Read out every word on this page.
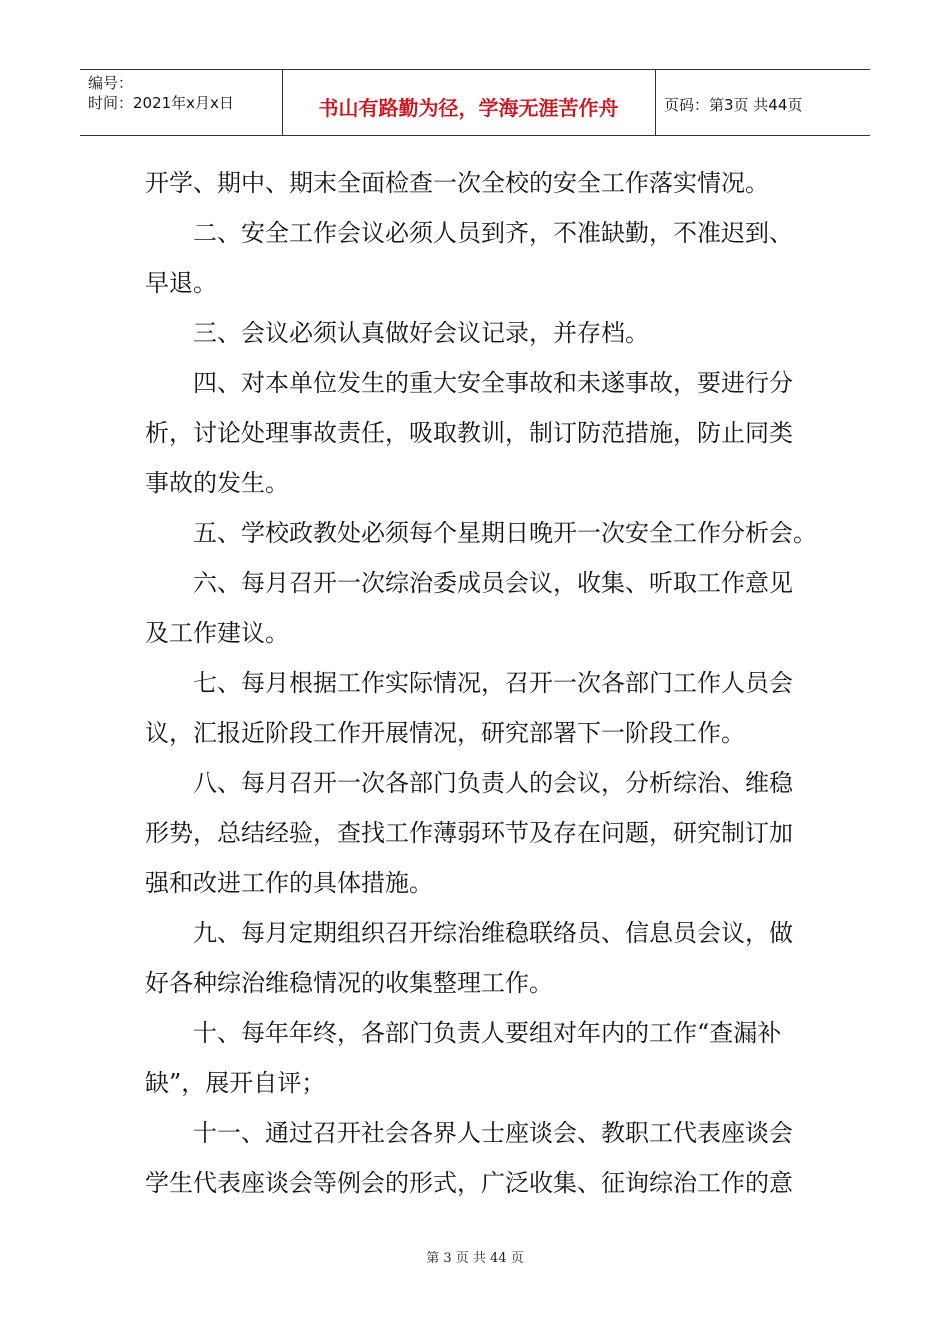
编号：
时间：2021年x月x日	书山有路勤为径，学海无涯苦作舟	页码：第3页 共44页

开学、期中、期末全面检查一次全校的安全工作落实情况。

二、安全工作会议必须人员到齐，不准缺勤，不准迟到、

早退。

三、会议必须认真做好会议记录，并存档。

四、对本单位发生的重大安全事故和未遂事故，要进行分

析，讨论处理事故责任，吸取教训，制订防范措施，防止同类

事故的发生。

五、学校政教处必须每个星期日晚开一次安全工作分析会。

六、每月召开一次综治委成员会议，收集、听取工作意见

及工作建议。

七、每月根据工作实际情况，召开一次各部门工作人员会

议，汇报近阶段工作开展情况，研究部署下一阶段工作。

八、每月召开一次各部门负责人的会议，分析综治、维稳

形势，总结经验，查找工作薄弱环节及存在问题，研究制订加

强和改进工作的具体措施。

九、每月定期组织召开综治维稳联络员、信息员会议，做

好各种综治维稳情况的收集整理工作。

十、每年年终，各部门负责人要组对年内的工作“查漏补

缺”，展开自评；

十一、通过召开社会各界人士座谈会、教职工代表座谈会

学生代表座谈会等例会的形式，广泛收集、征询综治工作的意

第 3 页 共 44 页
